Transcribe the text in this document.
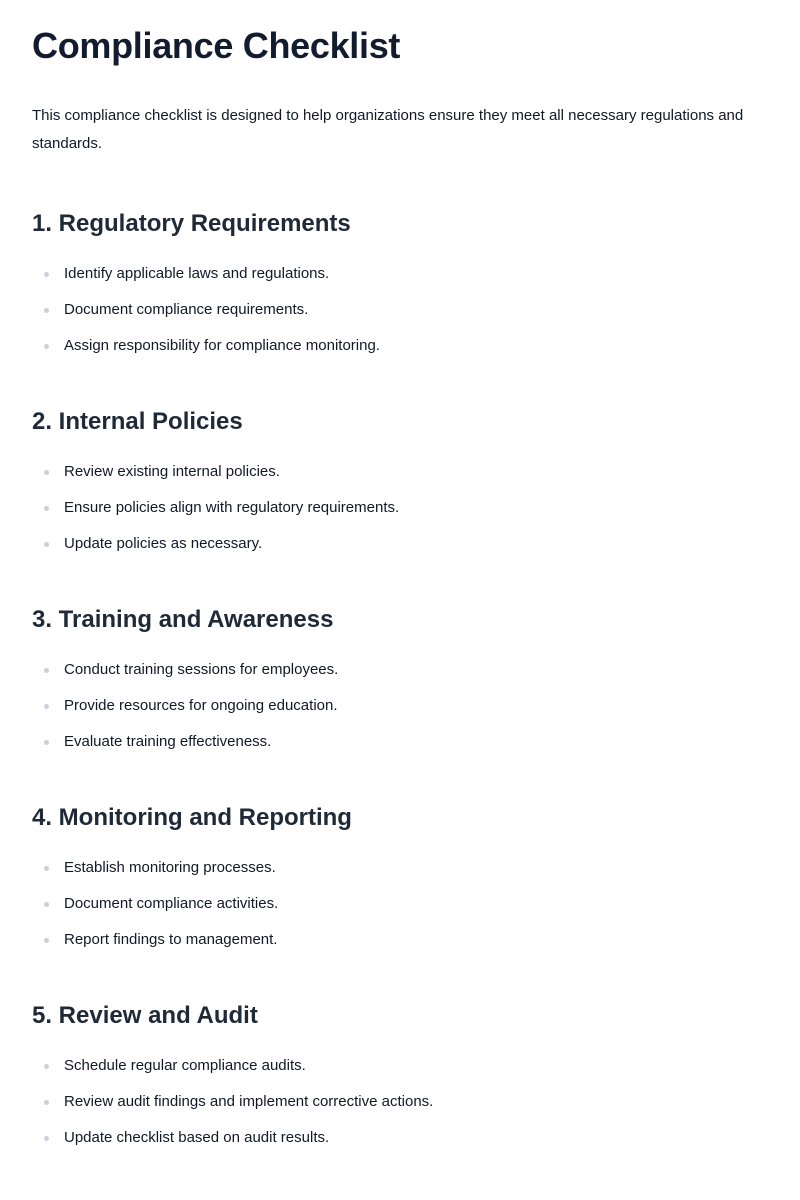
Compliance Checklist

This compliance checklist is designed to help organizations ensure they meet all necessary regulations and standards.

1. Regulatory Requirements
Identify applicable laws and regulations.
Document compliance requirements.
Assign responsibility for compliance monitoring.
2. Internal Policies
Review existing internal policies.
Ensure policies align with regulatory requirements.
Update policies as necessary.
3. Training and Awareness
Conduct training sessions for employees.
Provide resources for ongoing education.
Evaluate training effectiveness.
4. Monitoring and Reporting
Establish monitoring processes.
Document compliance activities.
Report findings to management.
5. Review and Audit
Schedule regular compliance audits.
Review audit findings and implement corrective actions.
Update checklist based on audit results.
